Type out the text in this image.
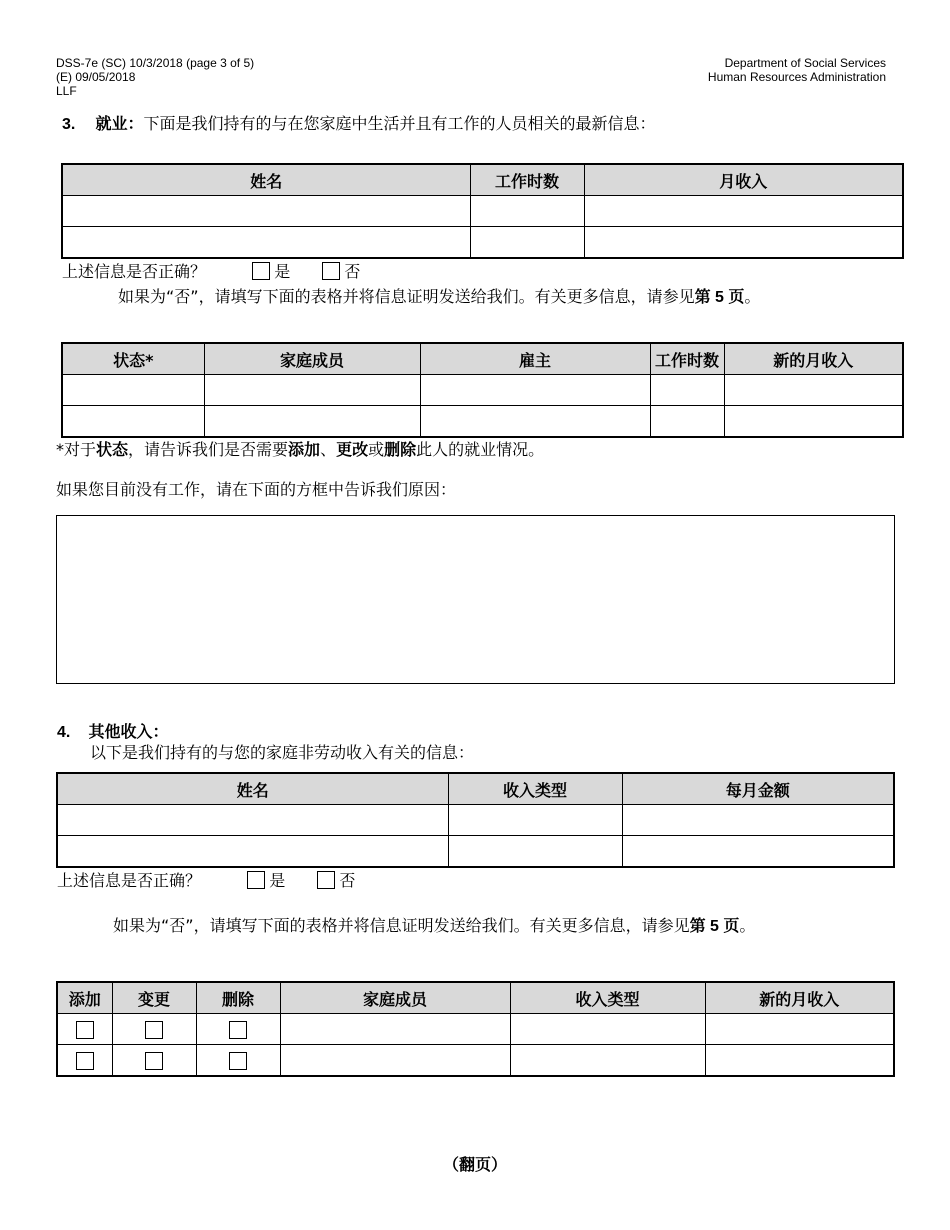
DSS-7e (SC) 10/3/2018 (page 3 of 5)
(E) 09/05/2018
LLF
Department of Social Services
Human Resources Administration
3. 就业：下面是我们持有的与在您家庭中生活并且有工作的人员相关的最新信息：
姓名	工作时数	月收入

上述信息是否正确？	是	否
如果为“否”，请填写下面的表格并将信息证明发送给我们。有关更多信息，请参见第 5 页。
状态*	家庭成员	雇主	工作时数	新的月收入

*对于状态，请告诉我们是否需要添加、更改或删除此人的就业情况。
如果您目前没有工作，请在下面的方框中告诉我们原因：
4. 其他收入：
以下是我们持有的与您的家庭非劳动收入有关的信息：
姓名	收入类型	每月金额

上述信息是否正确？	是	否
如果为“否”，请填写下面的表格并将信息证明发送给我们。有关更多信息，请参见第 5 页。
添加	变更	删除	家庭成员	收入类型	新的月收入

（翻页）
